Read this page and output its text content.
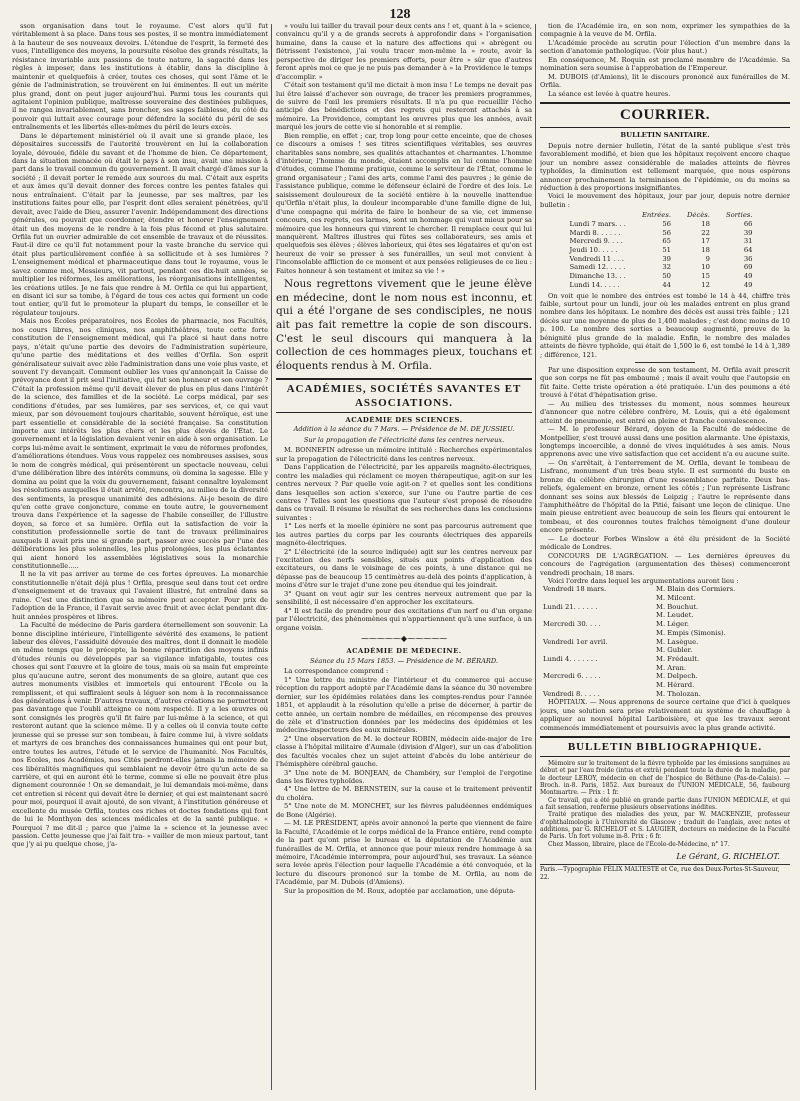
128

sson organisation dans tout le royaume. C'est alors qu'il fut véritablement à sa place. Dans tous ses postes, il se montra immédiatement à la hauteur de ses nouveaux devoirs. L'étendue de l'esprit, la fermeté des vues, l'intelligence des moyens, la poursuite résolue des grands résultats, la résistance invariable aux passions de toute nature, la sagacité dans les règles à imposer, dans les institutions à établir, dans la discipline à maintenir et quelquefois à créer, toutes ces choses, qui sont l'âme et le génie de l'administration, se trouvèrent en lui éminentes. Il eut un mérite plus grand, dont on peut juger aujourd'hui. Parmi tous les courants qui agitaient l'opinion publique, maîtresse souveraine des destinées publiques, il ne rangea invariablement, sans broncher, ses sages faiblesse, du côté du pouvoir qui luttait avec courage pour défendre la société du péril de ses entraînements et les libertés elles-mêmes du péril de leurs excès.

Dans le département ministériel où il avait une si grande place, les dépositaires successifs de l'autorité trouvèrent en lui la collaboration loyale, dévouée, fidèle du savant et de l'homme de bien. Ce département, dans la situation menacée où était le pays à son insu, avait une mission à part dans le travail commun du gouvernement. Il avait chargé d'âmes sur la société ; il devait porter le remède aux sources du mal. C'était aux esprits et aux âmes qu'il devait donner des forces contre les pentes fatales qui nous entraînaient. C'était par la jeunesse, par ses maîtres, par les institutions faites pour elle, par l'esprit dont elles seraient pénétrées, qu'il devait, avec l'aide de Dieu, assurer l'avenir. Indépendamment des directions générales, ou pouvait que coordonner, étendre et honorer l'enseignement était un des moyens de le rendre à la fois plus fécond et plus salutaire. Orfila fut un ouvrier admirable de cet ensemble de travaux et de réussites. Faut-il dire ce qu'il fut notamment pour la vaste branche du service qui était plus particulièrement confiée à sa sollicitude et à ses lumières ? L'enseignement médical et pharmaceutique dans tout le royaume, vous le savez comme moi, Messieurs, vit partout, pendant ces dix-huit années, se multiplier les réformes, les améliorations, les réorganisations intelligentes, les créations utiles. Je ne fais que rendre à M. Orfila ce qui lui appartient, en disant ici sur sa tombe, à l'égard de tous ces actes qui forment un code tout entier, qu'il fut le promoteur la plupart du temps, le conseiller et le régulateur toujours.

Mais nos Écoles préparatoires, nos Écoles de pharmacie, nos Facultés, nos cours libres, nos cliniques, nos amphithéâtres, toute cette forte constitution de l'enseignement médical, qui l'a placé si haut dans notre pays, n'était qu'une partie des devoirs de l'administration supérieure, qu'une partie des méditations et des veilles d'Orfila. Son esprit généralisateur suivait avec zèle l'administration dans une voie plus vaste, et souvent l'y devançait. Comment oublier les vues qu'annonçait la Caisse de prévoyance dont il prit seul l'initiative, qui fut son honneur et son ouvrage ? C'était la profession même qu'il devait élever de plus en plus dans l'intérêt de la science, des familles et de la société. Le corps médical, par ses conditions d'études, par ses lumières, par ses services, et, ce qui vaut mieux, par son dévouement toujours charitable, souvent héroïque, est une part essentielle et considérable de la société française. Sa constitution importe aux intérêts les plus chers et les plus élevés de l'État. Le gouvernement et la législation devaient venir en aide à son organisation. Le corps lui-même avait le sentiment, exprimait le vœu de réformes profondes, d'améliorations étendues. Vous vous rappelez ces nombreuses assises, sous le nom de congrès médical, qui présentèrent un spectacle nouveau, celui d'une délibération libre des intérêts communs, où domina la sagesse. Elle y domina au point que la voix du gouvernement, faisant connaître loyalement les résolutions auxquelles il était arrêté, rencontra, au milieu de la diversité des sentiments, la presque unanimité des adhésions. Ai-je besoin de dire qu'en cette grave conjoncture, comme en toute autre, le gouvernement trouva dans l'expérience et la sagesse de l'habile conseiller, de l'illustre doyen, sa force et sa lumière. Orfila eut la satisfaction de voir la constitution professionnelle sortie de tant de travaux préliminaires auxquels il avait pris une si grande part, passer avec succès par l'une des délibérations les plus solennelles, les plus prolongées, les plus éclatantes qui aient honoré les assemblées législatives sous la monarchie constitutionnelle.....

Il ne la vit pas arriver au terme de ces fortes épreuves. La monarchie constitutionnelle n'était déjà plus ! Orfila, presque seul dans tout cet ordre d'enseignement et de travaux qui l'avaient illustré, fut entraîné dans sa ruine. C'est une distinction que sa mémoire peut accepter. Pour prix de l'adoption de la France, il l'avait servie avec fruit et avec éclat pendant dix-huit années prospères et libres.

La Faculté de médecine de Paris gardera éternellement son souvenir. La bonne discipline intérieure, l'intelligente sévérité des examens, le patient labeur des élèves, l'assiduité dévouée des maîtres, dont il donnait le modèle en même temps que le précepte, la bonne répartition des moyens infinis d'études réunis ou développés par sa vigilance infatigable, toutes ces choses qui sont l'œuvre et la gloire de tous, mais où sa main fut empreinte plus qu'aucune autre, seront des monuments de sa gloire, autant que ces autres monuments visibles et immortels qui entourent l'École ou la remplissent, et qui suffiraient seuls à léguer son nom à la reconnaissance des générations à venir. D'autres travaux, d'autres créations ne permettront pas davantage que l'oubli atteigne ce nom respecté. Il y a les œuvres où sont consignés les progrès qu'il fit faire par lui-même à la science, et qui resteront autant que la science même. Il y a celles où il convia toute cette jeunesse qui se presse sur son tombeau, à faire comme lui, à vivre soldats et martyrs de ces branches des connaissances humaines qui ont pour but, entre toutes les autres, l'étude et le service de l'humanité. Nos Facultés, nos Écoles, nos Académies, nos Cités perdront-elles jamais la mémoire de ces libéralités magnifiques qui semblaient ne devoir être qu'un acte de sa carrière, et qui en auront été le terme, comme si elle ne pouvait être plus dignement couronnée ! On se demandait, je lui demandais moi-même, dans cet entretien si récent qui devait être le dernier, et qui est maintenant sacré pour moi, pourquoi il avait ajouté, de son vivant, à l'institution généreuse et excellente du musée Orfila, toutes ces riches et doctes fondations qui font de lui le Monthyon des sciences médicales et de la santé publique. « Pourquoi ? me dit-il ; parce que j'aime la » science et la jeunesse avec passion. Cette jeunesse que j'ai fait tra- » vailler de mon mieux partout, tant que j'y ai pu quelque chose, j'a-

» voulu lui tailler du travail pour deux cents ans ! et, quant à la » science, convaincu qu'il y a de grands secrets à approfondir dans » l'organisation humaine, dans la cause et la nature des affections qui » abrègent ou flétrissent l'existence, j'ai voulu tracer mon-même la » route, avoir la perspective de diriger les premiers efforts, pour être » sûr que d'autres feront après moi ce que je ne puis pas demander à » la Providence le temps d'accomplir. »

C'était son testament qu'il me dictait à mon insu ! Le temps ne devait pas lui être laissé d'achever son ouvrage, de tracer les premiers programmes, de suivre de l'œil les premiers résultats. Il n'a pu que recueillir l'écho anticipé des bénédictions et des regrets qui resteront attachés à sa mémoire. La Providence, comptant les œuvres plus que les années, avait marqué les jours de cette vie si honorable et si remplie.

Bien remplie, en effet ; car, trop long pour cette enceinte, que de choses ce discours a omises ! ses titres scientifiques véritables, ses œuvres charitables sans nombre, ses qualités attachantes et charmantes. L'homme d'intérieur, l'homme du monde, étaient accomplis en lui comme l'homme d'études, comme l'homme pratique, comme le serviteur de l'État, comme le grand organisateur ; l'ami des arts, comme l'ami des pauvres ; le génie de l'assistance publique, comme le défenseur éclairé de l'ordre et des lois. Le saisissement douloureux de la société entière à la nouvelle inattendue qu'Orfila n'était plus, la douleur incomparable d'une famille digne de lui, d'une compagne qui mérita de faire le bonheur de sa vie, cet immense concours, ces regrets, ces larmes, sont un hommage qui vaut mieux pour sa mémoire que les honneurs qui vinrent le chercher. Il remplace ceux qui lui manquèrent. Maîtres illustres qui fûtes ses collaborateurs, ses amis et quelquefois ses élèves ; élèves laborieux, qui êtes ses légataires et qu'on est heureux de voir se presser à ses funérailles, un seul mot convient à l'inconsolable affliction de ce moment et aux pensées religieuses de ce lieu : Faites honneur à son testament et imitez sa vie ! »

Nous regrettons vivement que le jeune élève en médecine, dont le nom nous est inconnu, et qui a été l'organe de ses condisciples, ne nous ait pas fait remettre la copie de son discours. C'est le seul discours qui manquera à la collection de ces hommages pieux, touchans et éloquents rendus à M. Orfila.

ACADÉMIES, SOCIÉTÉS SAVANTES ET ASSOCIATIONS.
ACADÉMIE DES SCIENCES.
Addition à la séance du 7 Mars. — Présidence de M. DE JUSSIEU.
Sur la propagation de l'électricité dans les centres nerveux.

M. BONNEFIN adresse un mémoire intitulé : Recherches expérimentales sur la propagation de l'électricité dans les centres nerveux.

Dans l'application de l'électricité, par les appareils magnéto-électriques, contre les maladies qui réclament ce moyen thérapeutique, agit-on sur les centres nerveux ? Par quelle voie agit-on ? et quelles sont les conditions dans lesquelles son action s'exerce, sur l'une ou l'autre partie de ces centres ? Telles sont les questions que l'auteur s'est proposé de résoudre dans ce travail. Il résume le résultat de ses recherches dans les conclusions suivantes :

1° Les nerfs et la moelle épinière ne sont pas parcourus autrement que les autres parties du corps par les courants électriques des appareils magnéto-électriques.

2° L'électricité (de la source indiquée) agit sur les centres nerveux par l'excitation des nerfs sensibles, situés aux points d'application des excitateurs, ou dans le voisinage de ces points, à une distance qui ne dépasse pas de beaucoup 15 centimètres au-delà des points d'application, à moins d'être sur le trajet d'une zone peu étendue qui les joindrait.

3° Quant on veut agir sur les centres nerveux autrement que par la sensibilité, il est nécessaire d'en approcher les excitateurs.

4° Il est facile de prendre pour des excitations d'un nerf ou d'un organe par l'électricité, des phénomènes qui n'appartiennent qu'à une surface, à un organe voisin.

⁓⁓⁓⁓⁓◆⁓⁓⁓⁓⁓
ACADÉMIE DE MÉDECINE.
Séance du 15 Mars 1853. — Présidence de M. BÉRARD.

La correspondance comprend :

1° Une lettre du ministre de l'intérieur et du commerce qui accuse réception du rapport adopté par l'Académie dans la séance du 30 novembre dernier, sur les épidémies relatées dans les comptes-rendus pour l'année 1851, et applaudit à la résolution qu'elle a prise de décerner, à partir de cette année, un certain nombre de médailles, en récompense des preuves de zèle et d'instruction données par les médecins des épidémies et les médecins-inspecteurs des eaux minérales.

2° Une observation de M. le docteur ROBIN, médecin aide-major de 1re classe à l'hôpital militaire d'Aumale (division d'Alger), sur un cas d'abolition des facultés vocales chez un sujet atteint d'abcès du lobe antérieur de l'hémisphère cérébral gauche.

3° Une note de M. BONJEAN, de Chambéry, sur l'emploi de l'ergotine dans les fièvres typhoïdes.

4° Une lettre de M. BERNSTEIN, sur la cause et le traitement préventif du choléra.

5° Une note de M. MONCHET, sur les fièvres paludéennes endémiques de Bone (Algérie).

— M. LE PRÉSIDENT, après avoir annoncé la perte que viennent de faire la Faculté, l'Académie et le corps médical de la France entière, rend compte de la part qu'ont prise le bureau et la députation de l'Académie aux funérailles de M. Orfila, et annonce que pour mieux rendre hommage à sa mémoire, l'Académie interrompra, pour aujourd'hui, ses travaux. La séance sera levée après l'élection pour laquelle l'Académie a été convoquée, et la lecture du discours prononcé sur la tombe de M. Orfila, au nom de l'Académie, par M. Dubois (d'Amiens).

Sur la proposition de M. Roux, adoptée par acclamation, une députa-

tion de l'Académie ira, en son nom, exprimer les sympathies de la compagnie à la veuve de M. Orfila.

L'Académie procède au scrutin pour l'élection d'un membre dans la section d'anatomie pathologique. (Voir plus haut.)

En conséquence, M. Roquin est proclamé membre de l'Académie. Sa nomination sera soumise à l'approbation de l'Empereur.

M. DUBOIS (d'Amiens), lit le discours prononcé aux funérailles de M. Orfila.

La séance est levée à quatre heures.

COURRIER.
BULLETIN SANITAIRE.

Depuis notre dernier bulletin, l'état de la santé publique s'est très favorablement modifié, et bien que les hôpitaux reçoivent encore chaque jour un nombre assez considérable de malades atteints de fièvres typhoïdes, la diminution est tellement marquée, que nous espérons annoncer prochainement la terminaison de l'épidémie, ou du moins sa réduction à des proportions insignifiantes.

Voici le mouvement des hôpitaux, jour par jour, depuis notre dernier bulletin :

	Entrées.	Décès.	Sorties.
Lundi 7 mars. . .	56	18	66
Mardi 8. . . . . .	56	22	39
Mercredi 9. . . .	65	17	31
Jeudi 10. . . . .	51	18	64
Vendredi 11 . . .	39	9	36
Samedi 12. . . . .	32	10	69
Dimanche 13. . .	50	15	49
Lundi 14. . . . .	44	12	49

On voit que le nombre des entrées est tombé le 14 à 44, chiffre très faible, surtout pour un lundi, jour où les malades entrent en plus grand nombre dans les hôpitaux. Le nombre des décès est aussi très faible ; 121 décès sur une moyenne de plus de 1,400 malades ; c'est donc moins de 10 p. 100. Le nombre des sorties a beaucoup augmenté, preuve de la bénignité plus grande de la maladie. Enfin, le nombre des malades atteints de fièvre typhoïde, qui était de 1,500 le 6, est tombé le 14 à 1,389 ; différence, 121.

Par une disposition expresse de son testament, M. Orfila avait prescrit que son corps ne fût pas embaumé ; mais il avait voulu que l'autopsie en fût faite. Cette triste opération a été pratiquée. L'un des poumons a été trouvé à l'état d'hépatisation grise.

— Au milieu des tristesses du moment, nous sommes heureux d'annoncer que notre célèbre confrère, M. Louis, qui a été également atteint de pneumonie, est entré en pleine et franche convalescence.

— M. le professeur Bérard, doyen de la Faculté de médecine de Montpellier, s'est trouvé aussi dans une position alarmante. Une épistaxis, longtemps incoercible, a donné de vives inquiétudes à ses amis. Nous apprenons avec une vive satisfaction que cet accident n'a eu aucune suite.

— On s'arrêtait, à l'enterrement de M. Orfila, devant le tombeau de Lisfranc, monument d'un très beau style. Il est surmonté du buste en bronze du célèbre chirurgien d'une ressemblance parfaite. Deux bas-reliefs, également en bronze, ornent les côtés ; l'un représente Lisfranc donnant ses soins aux blessés de Leipzig ; l'autre le représente dans l'amphithéâtre de l'hôpital de la Pitié, faisant une leçon de clinique. Une main pieuse entretient avec beaucoup de soin les fleurs qui entourent le tombeau, et des couronnes toutes fraîches témoignent d'une douleur encore présente.

— Le docteur Forbes Winslow a été élu président de la Société médicale de Londres.

CONCOURS DE L'AGRÉGATION. — Les dernières épreuves du concours de l'agrégation (argumentation des thèses) commenceront vendredi prochain, 18 mars.

Voici l'ordre dans lequel les argumentations auront lieu :

Vendredi 18 mars.	M. Blain des Cormiers.
	M. Milcent.
Lundi 21. . . . . .	M. Bouchut.
	M. Leudet.
Mercredi 30. . . .	M. Léger.
	M. Empis (Simonis).
Vendredi 1er avril.	M. Lasègue.
	M. Gubler.
Lundi 4. . . . . . .	M. Frédault.
	M. Aran.
Mercredi 6. . . . .	M. Delpech.
	M. Hérard.
Vendredi 8. . . . .	M. Tholozan.

HÔPITAUX. — Nous apprenons de source certaine que d'ici à quelques jours, une solution sera prise relativement au système de chauffage à appliquer au nouvel hôpital Lariboisière, et que les travaux seront commencés immédiatement et poursuivis avec la plus grande activité.

BULLETIN BIBLIOGRAPHIQUE.

Mémoire sur le traitement de la fièvre typhoïde par les émissions sanguines au début et par l'eau froide (intus et extrà) pendant toute la durée de la maladie, par le docteur LEROY, médecin en chef de l'hospice de Béthune (Pas-de-Calais). — Broch. in-8. Paris, 1852. Aux bureaux de l'UNION MÉDICALE, 56, faubourg Montmartre. — Prix : 1 fr.

Ce travail, qui a été publié en grande partie dans l'UNION MÉDICALE, et qui a fait sensation, renferme plusieurs observations inédites.

Traité pratique des maladies des yeux, par W. MACKENZIE, professeur d'ophthalmologie à l'Université de Glascow ; traduit de l'anglais, avec notes et additions, par G. RICHELOT et S. LAUGIER, docteurs en médecine de la Faculté de Paris. Un fort volume in-8. Prix : 6 fr.

Chez Masson, libraire, place de l'École-de-Médecine, n° 17.

Le Gérant, G. RICHELOT.
Paris.—Typographie FÉLIX MALTESTE et Ce, rue des Deux-Portes-St-Sauveur, 22.
